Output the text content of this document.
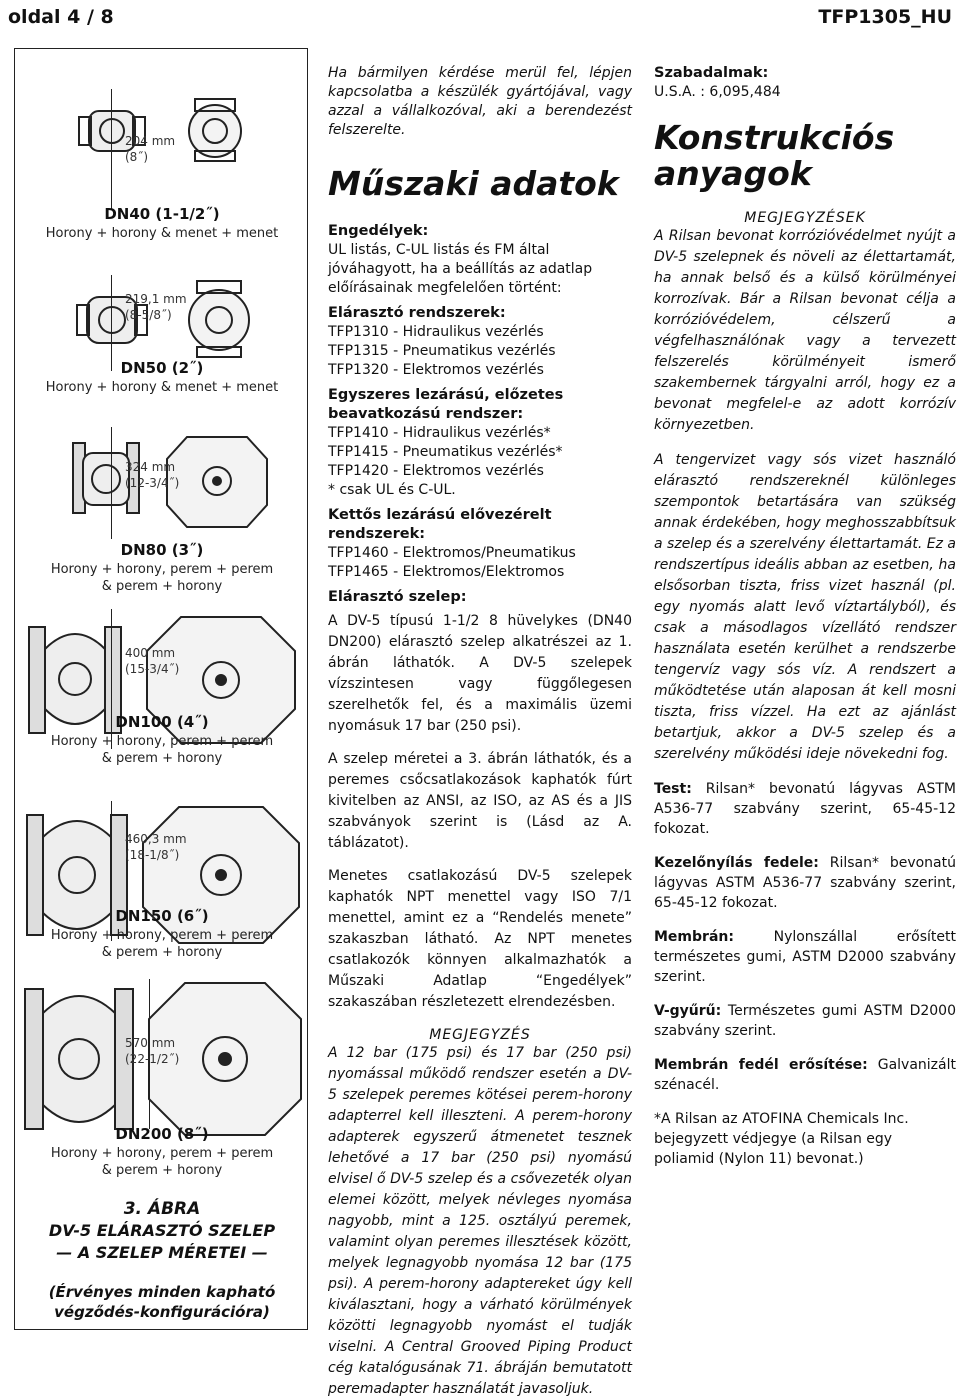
oldal 4 / 8	TFP1305_HU
204 mm
(8˝)
219,1 mm
(8-5/8˝)
324 mm
(12-3/4˝)
400 mm
(15-3/4˝)
460,3 mm
(18-1/8˝)
570 mm
(22-1/2˝)
DN40 (1-1/2˝)
Horony + horony & menet + menet
DN50 (2˝)
Horony + horony & menet + menet
DN80 (3˝)
Horony + horony, perem + perem
& perem + horony
DN100 (4˝)
Horony + horony, perem + perem
& perem + horony
DN150 (6˝)
Horony + horony, perem + perem
& perem + horony
DN200 (8˝)
Horony + horony, perem + perem
& perem + horony
3. ÁBRA
DV-5 ELÁRASZTÓ SZELEP
— A SZELEP MÉRETEI —
(Érvényes minden kapható
végződés-konfigurációra)
Ha bármilyen kérdése merül fel, lépjen kapcsolatba a készülék gyártójával, vagy azzal a vállalkozóval, aki a berendezést felszerelte.
Műszaki adatok
Engedélyek:
UL listás, C-UL listás és FM által jóváhagyott, ha a beállítás az adatlap előírásainak megfelelően történt:
Elárasztó rendszerek:
TFP1310 - Hidraulikus vezérlés
TFP1315 - Pneumatikus vezérlés
TFP1320 - Elektromos vezérlés
Egyszeres lezárású, előzetes beavatkozású rendszer:
TFP1410 - Hidraulikus vezérlés*
TFP1415 - Pneumatikus vezérlés*
TFP1420 - Elektromos vezérlés
* csak UL és C-UL.
Kettős lezárású elővezérelt rendszerek:
TFP1460 - Elektromos/Pneumatikus
TFP1465 - Elektromos/Elektromos
Elárasztó szelep:
A DV-5 típusú 1-1/2 8 hüvelykes (DN40 DN200) elárasztó szelep alkatrészei az 1. ábrán láthatók. A DV-5 szelepek vízszintesen vagy függőlegesen szerelhetők fel, és a maximális üzemi nyomásuk 17 bar (250 psi).
A szelep méretei a 3. ábrán láthatók, és a peremes csőcsatlakozások kaphatók fúrt kivitelben az ANSI, az ISO, az AS és a JIS szabványok szerint is (Lásd az A. táblázatot).
Menetes csatlakozású DV-5 szelepek kaphatók NPT menettel vagy ISO 7/1 menettel, amint ez a “Rendelés menete” szakaszban látható. Az NPT menetes csatlakozók könnyen alkalmazhatók a Műszaki Adatlap “Engedélyek” szakaszában részletezett elrendezésben.
MEGJEGYZÉS
A 12 bar (175 psi) és 17 bar (250 psi) nyomással működő rendszer esetén a DV-5 szelepek peremes kötései perem-horony adapterrel kell illeszteni. A perem-horony adapterek egyszerű átmenetet tesznek lehetővé a 17 bar (250 psi) nyomású elvisel ő DV-5 szelep és a csővezeték olyan elemei között, melyek névleges nyomása nagyobb, mint a 125. osztályú peremek, valamint olyan peremes illesztések között, melyek legnagyobb nyomása 12 bar (175 psi). A perem-horony adaptereket úgy kell kiválasztani, hogy a várható körülmények közötti legnagyobb nyomást el tudják viselni. A Central Grooved Piping Product cég katalógusának 71. ábráján bemutatott peremadapter használatát javasoljuk.
Szabadalmak:
U.S.A. : 6,095,484
Konstrukciós
anyagok
MEGJEGYZÉSEK
A Rilsan bevonat korrózióvédelmet nyújt a DV-5 szelepnek és növeli az élettartamát, ha annak belső és a külső körülményei korrozívak. Bár a Rilsan bevonat célja a korrózióvédelem, célszerű a végfelhasználónak vagy a tervezett felszerelés körülményeit ismerő szakembernek tárgyalni arról, hogy ez a bevonat megfelel-e az adott korrózív környezetben.
A tengervizet vagy sós vizet használó elárasztó rendszereknél különleges szempontok betartására van szükség annak érdekében, hogy meghosszabbítsuk a szelep és a szerelvény élettartamát. Ez a rendszertípus ideális abban az esetben, ha elsősorban tiszta, friss vizet használ (pl. egy nyomás alatt levő víztartályból), és csak a másodlagos vízellátó rendszer használata esetén kerülhet a rendszerbe tengervíz vagy sós víz. A rendszert a működtetése után alaposan át kell mosni tiszta, friss vízzel. Ha ezt az ajánlást betartjuk, akkor a DV-5 szelep és a szerelvény működési ideje növekedni fog.
Test: Rilsan* bevonatú lágyvas ASTM A536-77 szabvány szerint, 65-45-12 fokozat.
Kezelőnyílás fedele: Rilsan* bevonatú lágyvas ASTM A536-77 szabvány szerint, 65-45-12 fokozat.
Membrán:	Nylonszállal erősített természetes gumi, ASTM D2000 szabvány szerint.
V-gyűrű: Természetes gumi ASTM D2000 szabvány szerint.
Membrán fedél erősítése: Galvanizált szénacél.
*A Rilsan az ATOFINA Chemicals Inc. bejegyzett védjegye (a Rilsan egy poliamid (Nylon 11) bevonat.)
